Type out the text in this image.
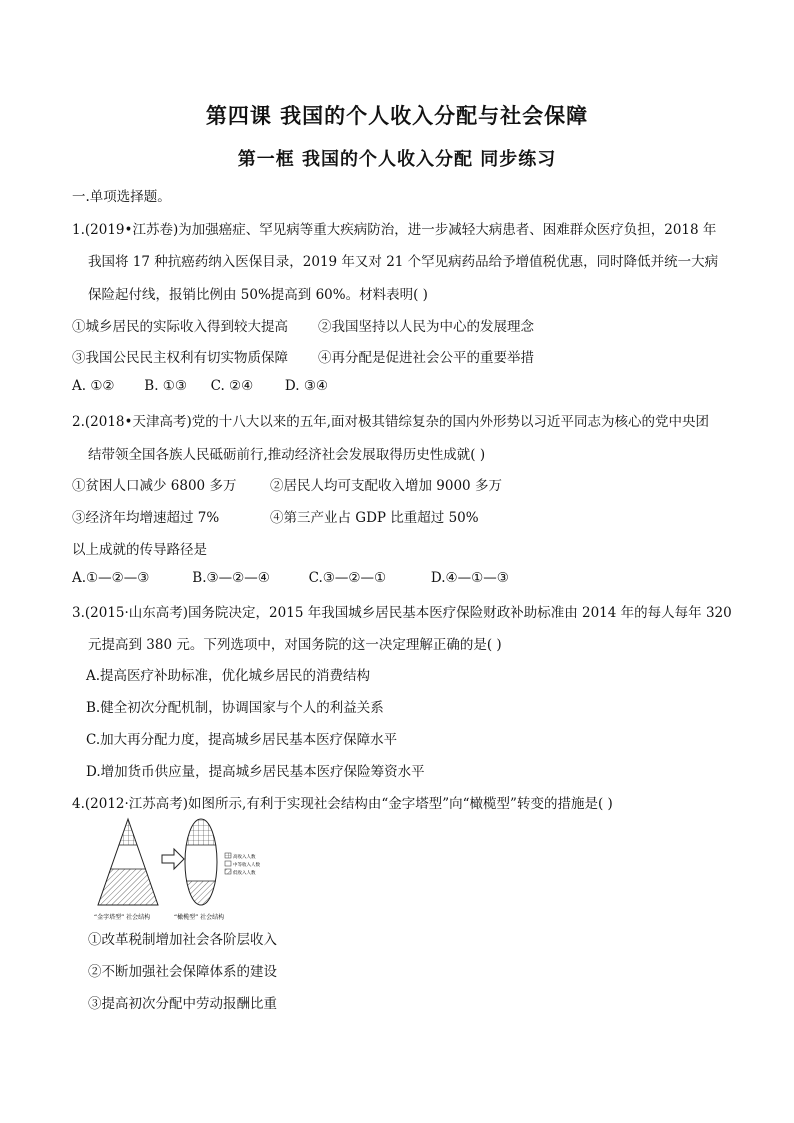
第四课 我国的个人收入分配与社会保障
第一框 我国的个人收入分配 同步练习
一.单项选择题。
1.(2019•江苏卷)为加强癌症、罕见病等重大疾病防治，进一步减轻大病患者、困难群众医疗负担，2018 年
我国将 17 种抗癌药纳入医保目录，2019 年又对 21 个罕见病药品给予增值税优惠，同时降低并统一大病
保险起付线，报销比例由 50%提高到 60%。材料表明( )
①城乡居民的实际收入得到较大提高 ②我国坚持以人民为中心的发展理念
③我国公民民主权利有切实物质保障 ④再分配是促进社会公平的重要举措
A. ①② B. ①③ C. ②④ D. ③④
2.(2018•天津高考)党的十八大以来的五年,面对极其错综复杂的国内外形势以习近平同志为核心的党中央团
结带领全国各族人民砥砺前行,推动经济社会发展取得历史性成就( )
①贫困人口减少 6800 多万 ②居民人均可支配收入增加 9000 多万
③经济年均增速超过 7%	④第三产业占 GDP 比重超过 50%
以上成就的传导路径是
A.①—②—③	B.③—②—④	C.③—②—①	D.④—①—③
3.(2015·山东高考)国务院决定，2015 年我国城乡居民基本医疗保险财政补助标准由 2014 年的每人每年 320
元提高到 380 元。下列选项中，对国务院的这一决定理解正确的是( )
A.提高医疗补助标准，优化城乡居民的消费结构
B.健全初次分配机制，协调国家与个人的利益关系
C.加大再分配力度，提高城乡居民基本医疗保障水平
D.增加货币供应量，提高城乡居民基本医疗保险筹资水平
4.(2012·江苏高考)如图所示,有利于实现社会结构由“金字塔型”向“橄榄型”转变的措施是( )
高收入人数
中等收入人数
低收入人数
“金字塔型” 社会结构	“橄榄型” 社会结构
①改革税制增加社会各阶层收入
②不断加强社会保障体系的建设
③提高初次分配中劳动报酬比重
